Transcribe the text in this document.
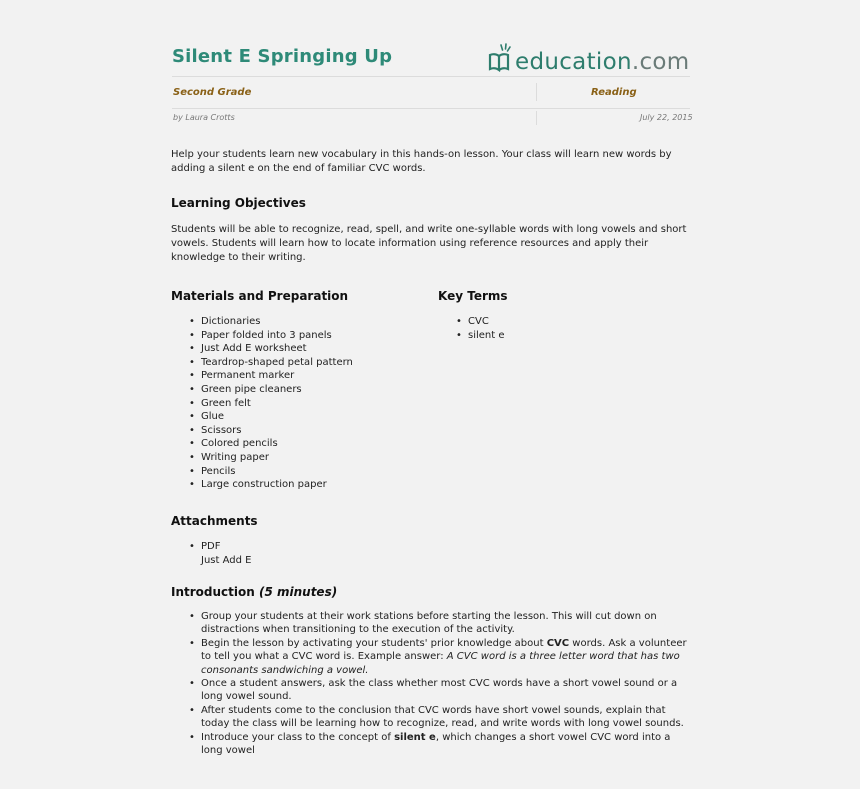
Silent E Springing Up	education.com
Second Grade	Reading
by Laura Crotts	July 22, 2015
Help your students learn new vocabulary in this hands-on lesson. Your class will learn new words by adding a silent e on the end of familiar CVC words.
Learning Objectives
Students will be able to recognize, read, spell, and write one-syllable words with long vowels and short vowels. Students will learn how to locate information using reference resources and apply their knowledge to their writing.
Materials and Preparation
• Dictionaries
• Paper folded into 3 panels
• Just Add E worksheet
• Teardrop-shaped petal pattern
• Permanent marker
• Green pipe cleaners
• Green felt
• Glue
• Scissors
• Colored pencils
• Writing paper
• Pencils
• Large construction paper
Key Terms
• CVC
• silent e
Attachments
• PDF
Just Add E
Introduction (5 minutes)
• Group your students at their work stations before starting the lesson. This will cut down on distractions when transitioning to the execution of the activity.
• Begin the lesson by activating your students' prior knowledge about CVC words. Ask a volunteer to tell you what a CVC word is. Example answer: A CVC word is a three letter word that has two consonants sandwiching a vowel.
• Once a student answers, ask the class whether most CVC words have a short vowel sound or a long vowel sound.
• After students come to the conclusion that CVC words have short vowel sounds, explain that today the class will be learning how to recognize, read, and write words with long vowel sounds.
• Introduce your class to the concept of silent e, which changes a short vowel CVC word into a long vowel
